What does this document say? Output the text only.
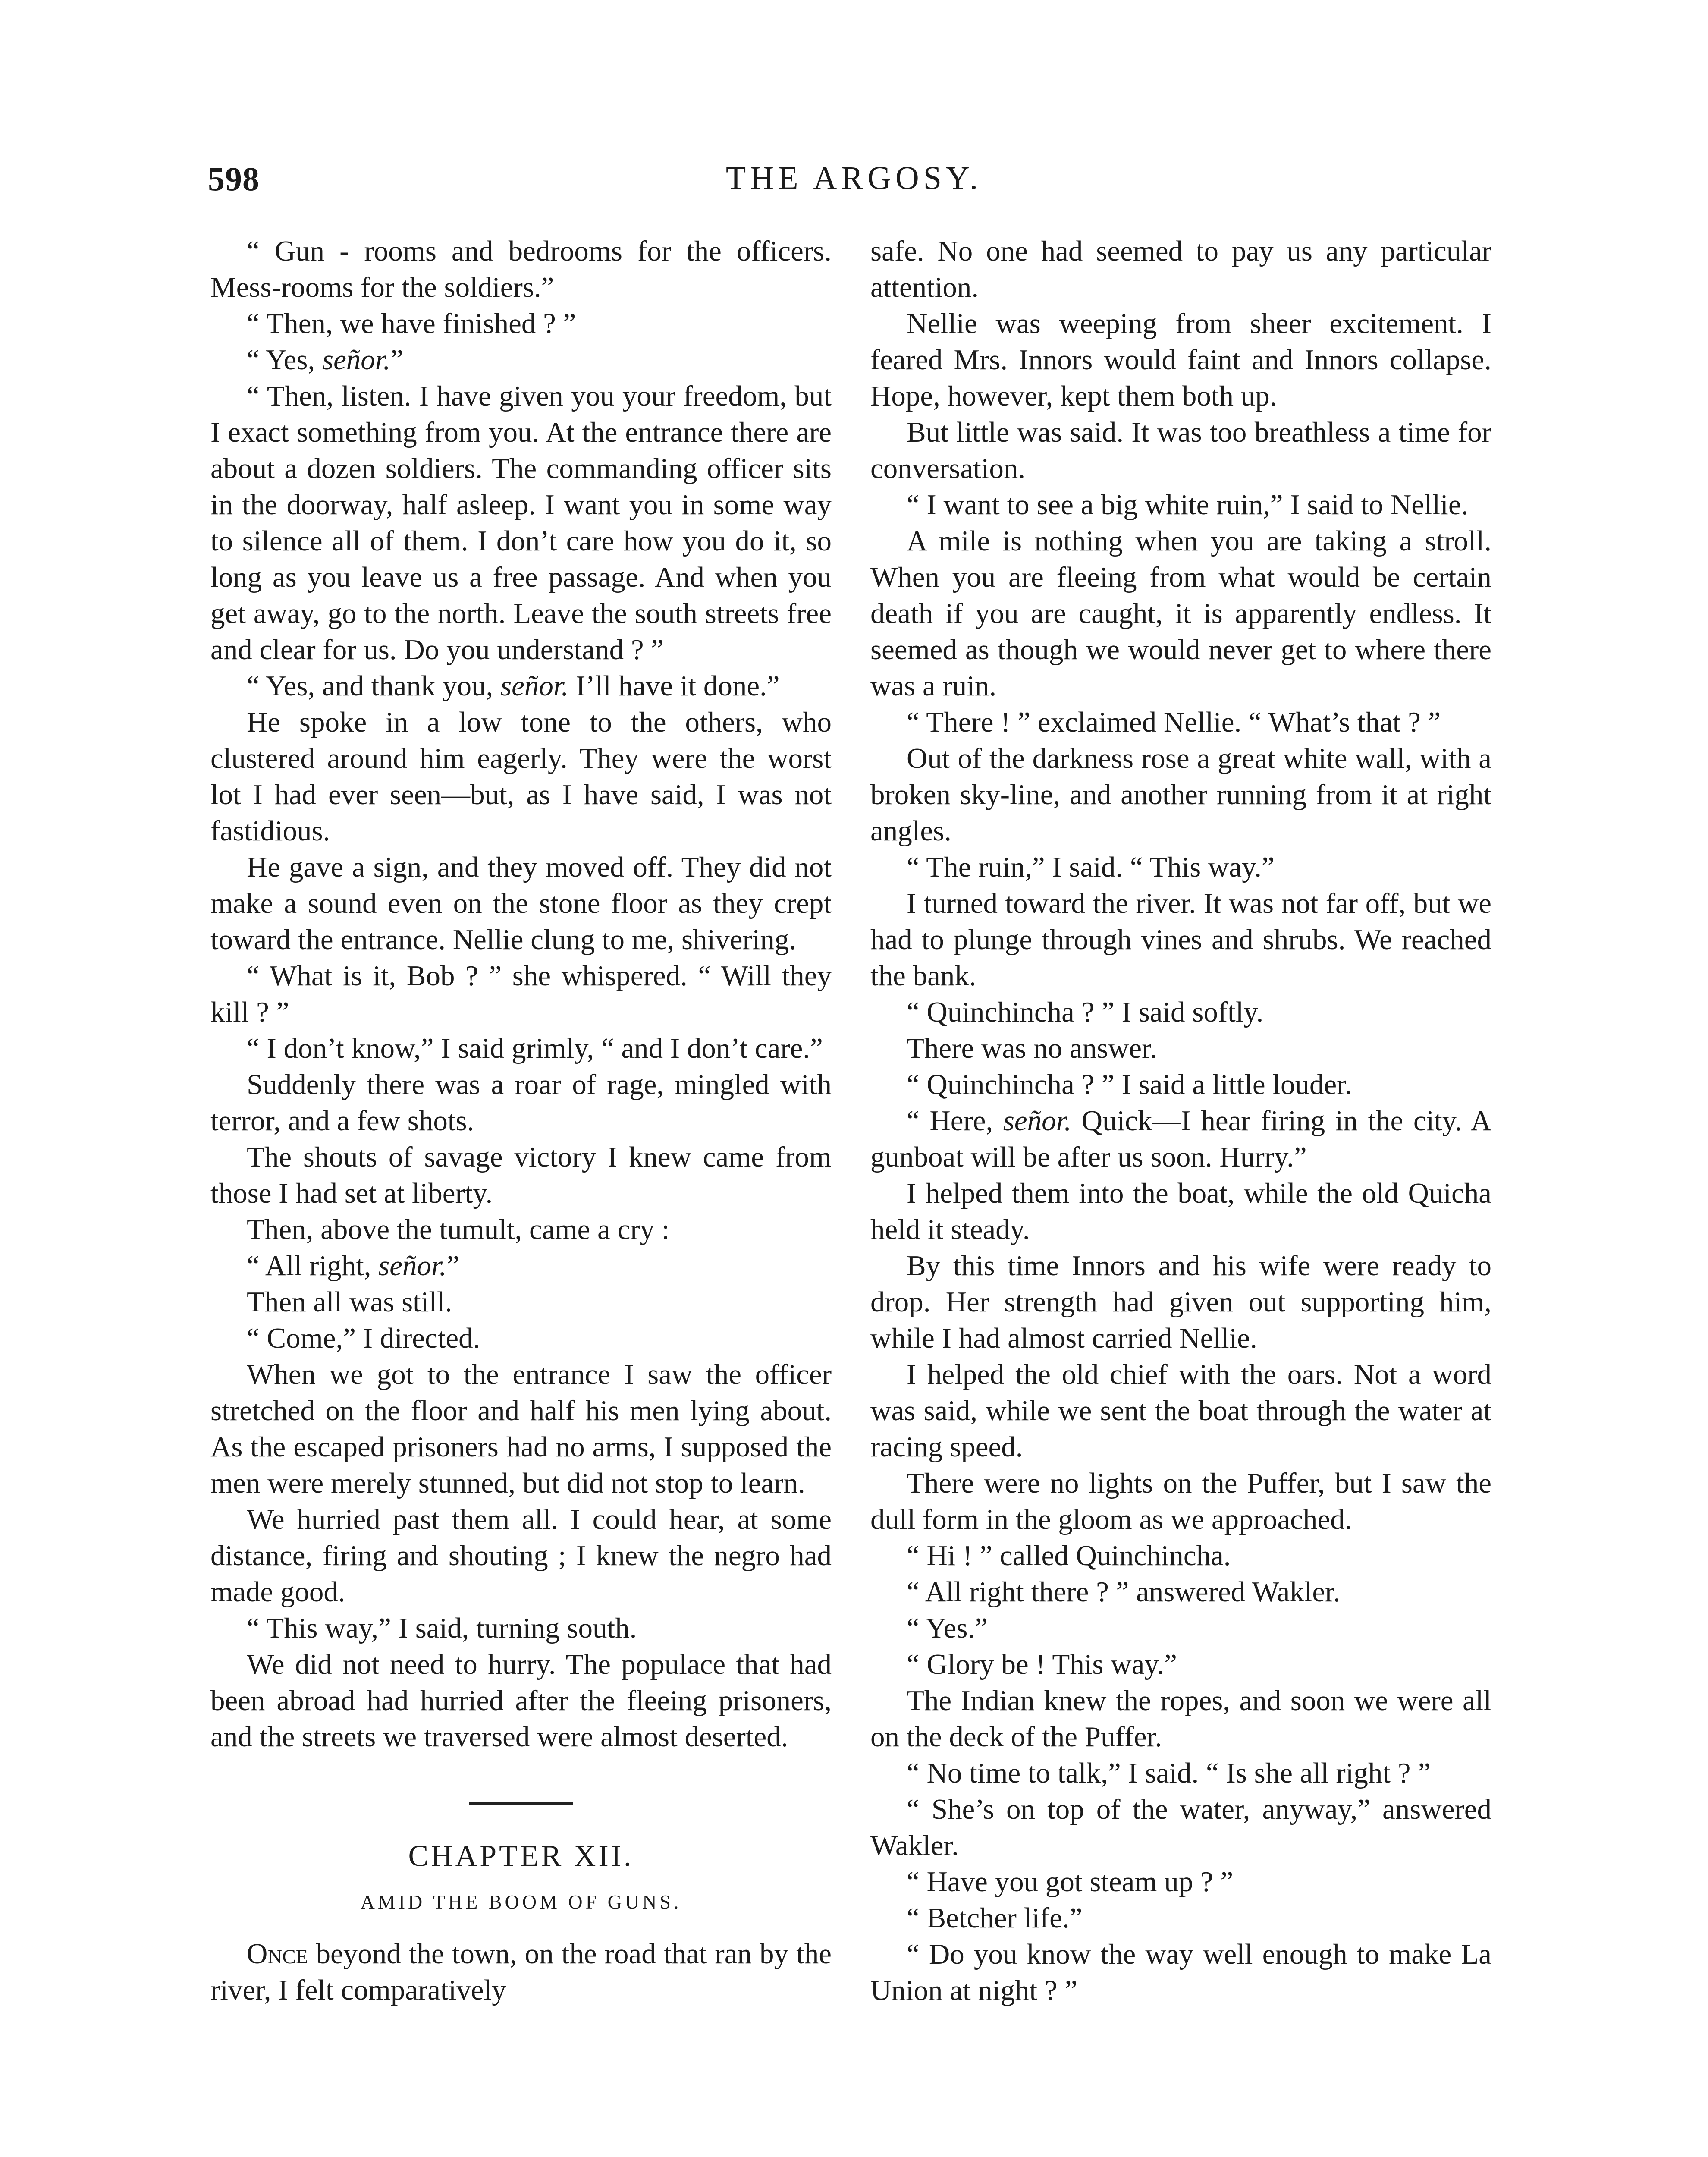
598	THE ARGOSY.

“ Gun - rooms and bedrooms for the officers. Mess-rooms for the soldiers.”

“ Then, we have finished ? ”

“ Yes, señor.”

“ Then, listen. I have given you your freedom, but I exact something from you. At the entrance there are about a dozen soldiers. The commanding officer sits in the doorway, half asleep. I want you in some way to silence all of them. I don’t care how you do it, so long as you leave us a free passage. And when you get away, go to the north. Leave the south streets free and clear for us. Do you understand ? ”

“ Yes, and thank you, señor. I’ll have it done.”

He spoke in a low tone to the others, who clustered around him eagerly. They were the worst lot I had ever seen—but, as I have said, I was not fastidious.

He gave a sign, and they moved off. They did not make a sound even on the stone floor as they crept toward the entrance. Nellie clung to me, shivering.

“ What is it, Bob ? ” she whispered. “ Will they kill ? ”

“ I don’t know,” I said grimly, “ and I don’t care.”

Suddenly there was a roar of rage, mingled with terror, and a few shots.

The shouts of savage victory I knew came from those I had set at liberty.

Then, above the tumult, came a cry :

“ All right, señor.”

Then all was still.

“ Come,” I directed.

When we got to the entrance I saw the officer stretched on the floor and half his men lying about. As the escaped prisoners had no arms, I supposed the men were merely stunned, but did not stop to learn.

We hurried past them all. I could hear, at some distance, firing and shouting ; I knew the negro had made good.

“ This way,” I said, turning south.

We did not need to hurry. The populace that had been abroad had hurried after the fleeing prisoners, and the streets we traversed were almost deserted.

CHAPTER XII.
AMID THE BOOM OF GUNS.

Once beyond the town, on the road that ran by the river, I felt comparatively

safe. No one had seemed to pay us any particular attention.

Nellie was weeping from sheer excitement. I feared Mrs. Innors would faint and Innors collapse. Hope, however, kept them both up.

But little was said. It was too breathless a time for conversation.

“ I want to see a big white ruin,” I said to Nellie.

A mile is nothing when you are taking a stroll. When you are fleeing from what would be certain death if you are caught, it is apparently endless. It seemed as though we would never get to where there was a ruin.

“ There ! ” exclaimed Nellie. “ What’s that ? ”

Out of the darkness rose a great white wall, with a broken sky-line, and another running from it at right angles.

“ The ruin,” I said. “ This way.”

I turned toward the river. It was not far off, but we had to plunge through vines and shrubs. We reached the bank.

“ Quinchincha ? ” I said softly.

There was no answer.

“ Quinchincha ? ” I said a little louder.

“ Here, señor. Quick—I hear firing in the city. A gunboat will be after us soon. Hurry.”

I helped them into the boat, while the old Quicha held it steady.

By this time Innors and his wife were ready to drop. Her strength had given out supporting him, while I had almost carried Nellie.

I helped the old chief with the oars. Not a word was said, while we sent the boat through the water at racing speed.

There were no lights on the Puffer, but I saw the dull form in the gloom as we approached.

“ Hi ! ” called Quinchincha.

“ All right there ? ” answered Wakler.

“ Yes.”

“ Glory be ! This way.”

The Indian knew the ropes, and soon we were all on the deck of the Puffer.

“ No time to talk,” I said. “ Is she all right ? ”

“ She’s on top of the water, anyway,” answered Wakler.

“ Have you got steam up ? ”

“ Betcher life.”

“ Do you know the way well enough to make La Union at night ? ”
